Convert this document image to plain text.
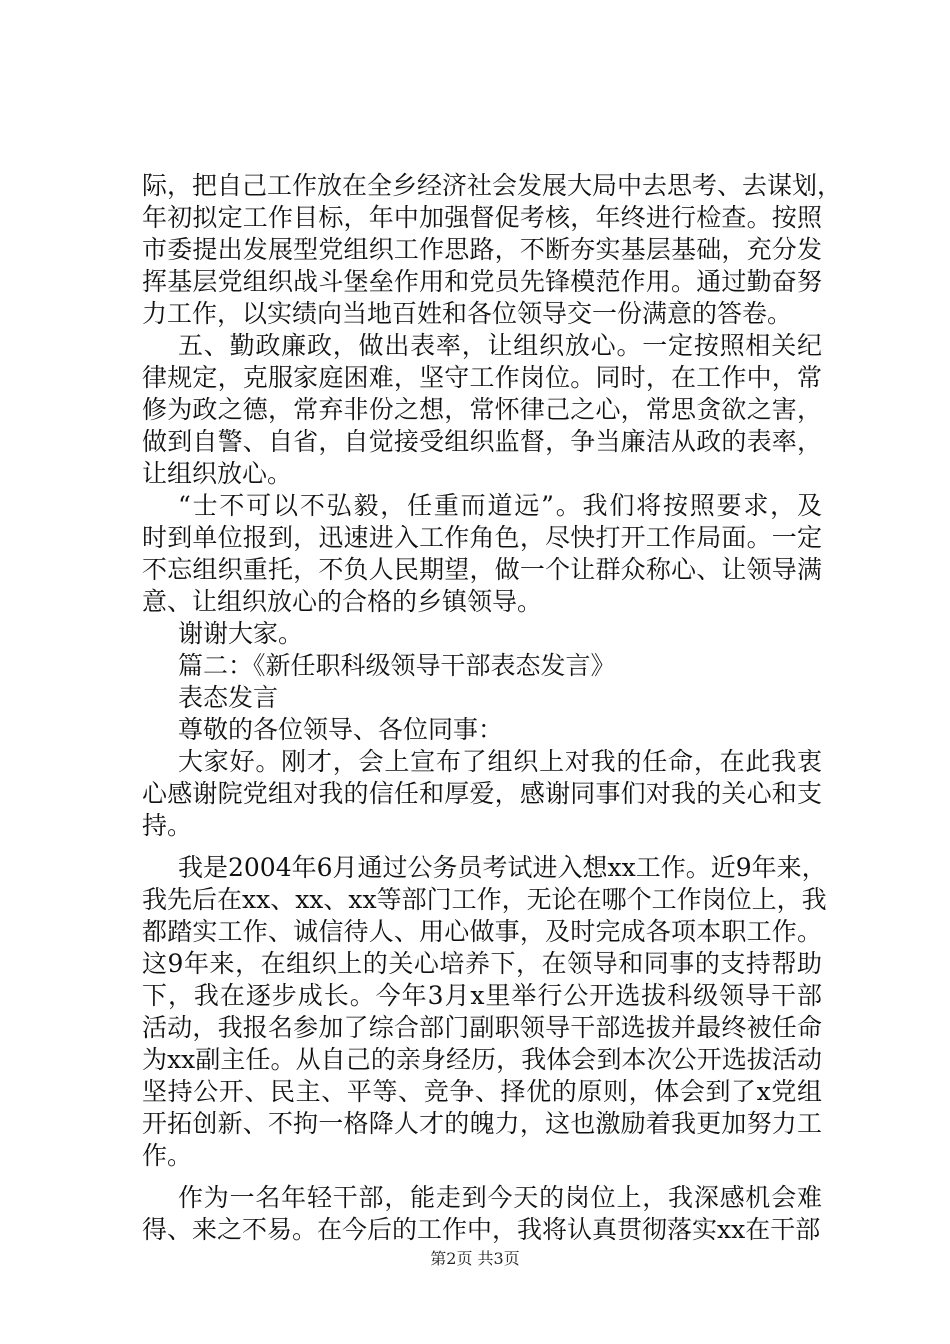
际，把自己工作放在全乡经济社会发展大局中去思考、去谋划，
年初拟定工作目标，年中加强督促考核，年终进行检查。按照
市委提出发展型党组织工作思路，不断夯实基层基础，充分发
挥基层党组织战斗堡垒作用和党员先锋模范作用。通过勤奋努
力工作，以实绩向当地百姓和各位领导交一份满意的答卷。

五、勤政廉政，做出表率，让组织放心。一定按照相关纪
律规定，克服家庭困难，坚守工作岗位。同时，在工作中，常
修为政之德，常弃非份之想，常怀律己之心，常思贪欲之害，
做到自警、自省，自觉接受组织监督，争当廉洁从政的表率，
让组织放心。

“士不可以不弘毅，任重而道远”。我们将按照要求，及
时到单位报到，迅速进入工作角色，尽快打开工作局面。一定
不忘组织重托，不负人民期望，做一个让群众称心、让领导满
意、让组织放心的合格的乡镇领导。

谢谢大家。

篇二：《新任职科级领导干部表态发言》

表态发言

尊敬的各位领导、各位同事：

大家好。刚才，会上宣布了组织上对我的任命，在此我衷
心感谢院党组对我的信任和厚爱，感谢同事们对我的关心和支
持。

我是2004年6月通过公务员考试进入想xx工作。近9年来，
我先后在xx、xx、xx等部门工作，无论在哪个工作岗位上，我
都踏实工作、诚信待人、用心做事，及时完成各项本职工作。
这9年来，在组织上的关心培养下，在领导和同事的支持帮助
下，我在逐步成长。今年3月x里举行公开选拔科级领导干部
活动，我报名参加了综合部门副职领导干部选拔并最终被任命
为xx副主任。从自己的亲身经历，我体会到本次公开选拔活动
坚持公开、民主、平等、竞争、择优的原则，体会到了x党组
开拓创新、不拘一格降人才的魄力，这也激励着我更加努力工
作。

作为一名年轻干部，能走到今天的岗位上，我深感机会难
得、来之不易。在今后的工作中，我将认真贯彻落实xx在干部

第2页 共3页
